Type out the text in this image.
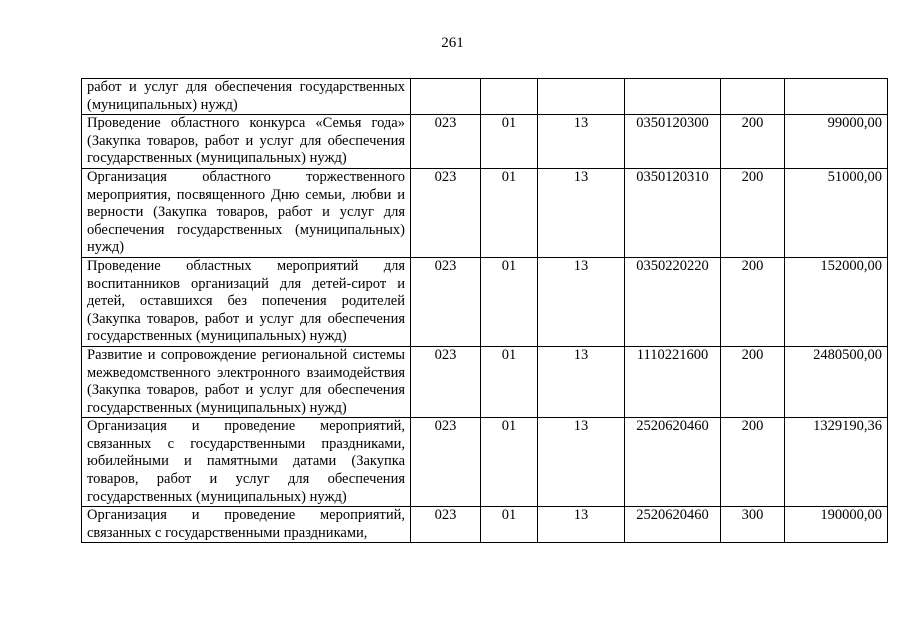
261
работ и услуг для обеспечения государственных (муниципальных) нужд)						
Проведение областного конкурса «Семья года» (Закупка товаров, работ и услуг для обеспечения государственных (муниципальных) нужд)	023	01	13	0350120300	200	99000,00
Организация областного торжественного мероприятия, посвященного Дню семьи, любви и верности (Закупка товаров, работ и услуг для обеспечения государственных (муниципальных) нужд)	023	01	13	0350120310	200	51000,00
Проведение областных мероприятий для воспитанников организаций для детей-сирот и детей, оставшихся без попечения родителей (Закупка товаров, работ и услуг для обеспечения государственных (муниципальных) нужд)	023	01	13	0350220220	200	152000,00
Развитие и сопровождение региональной системы межведомственного электронного взаимодействия (Закупка товаров, работ и услуг для обеспечения государственных (муниципальных) нужд)	023	01	13	1110221600	200	2480500,00
Организация и проведение мероприятий, связанных с государственными праздниками, юбилейными и памятными датами (Закупка товаров, работ и услуг для обеспечения государственных (муниципальных) нужд)	023	01	13	2520620460	200	1329190,36
Организация и проведение мероприятий, связанных с государственными праздниками,	023	01	13	2520620460	300	190000,00
